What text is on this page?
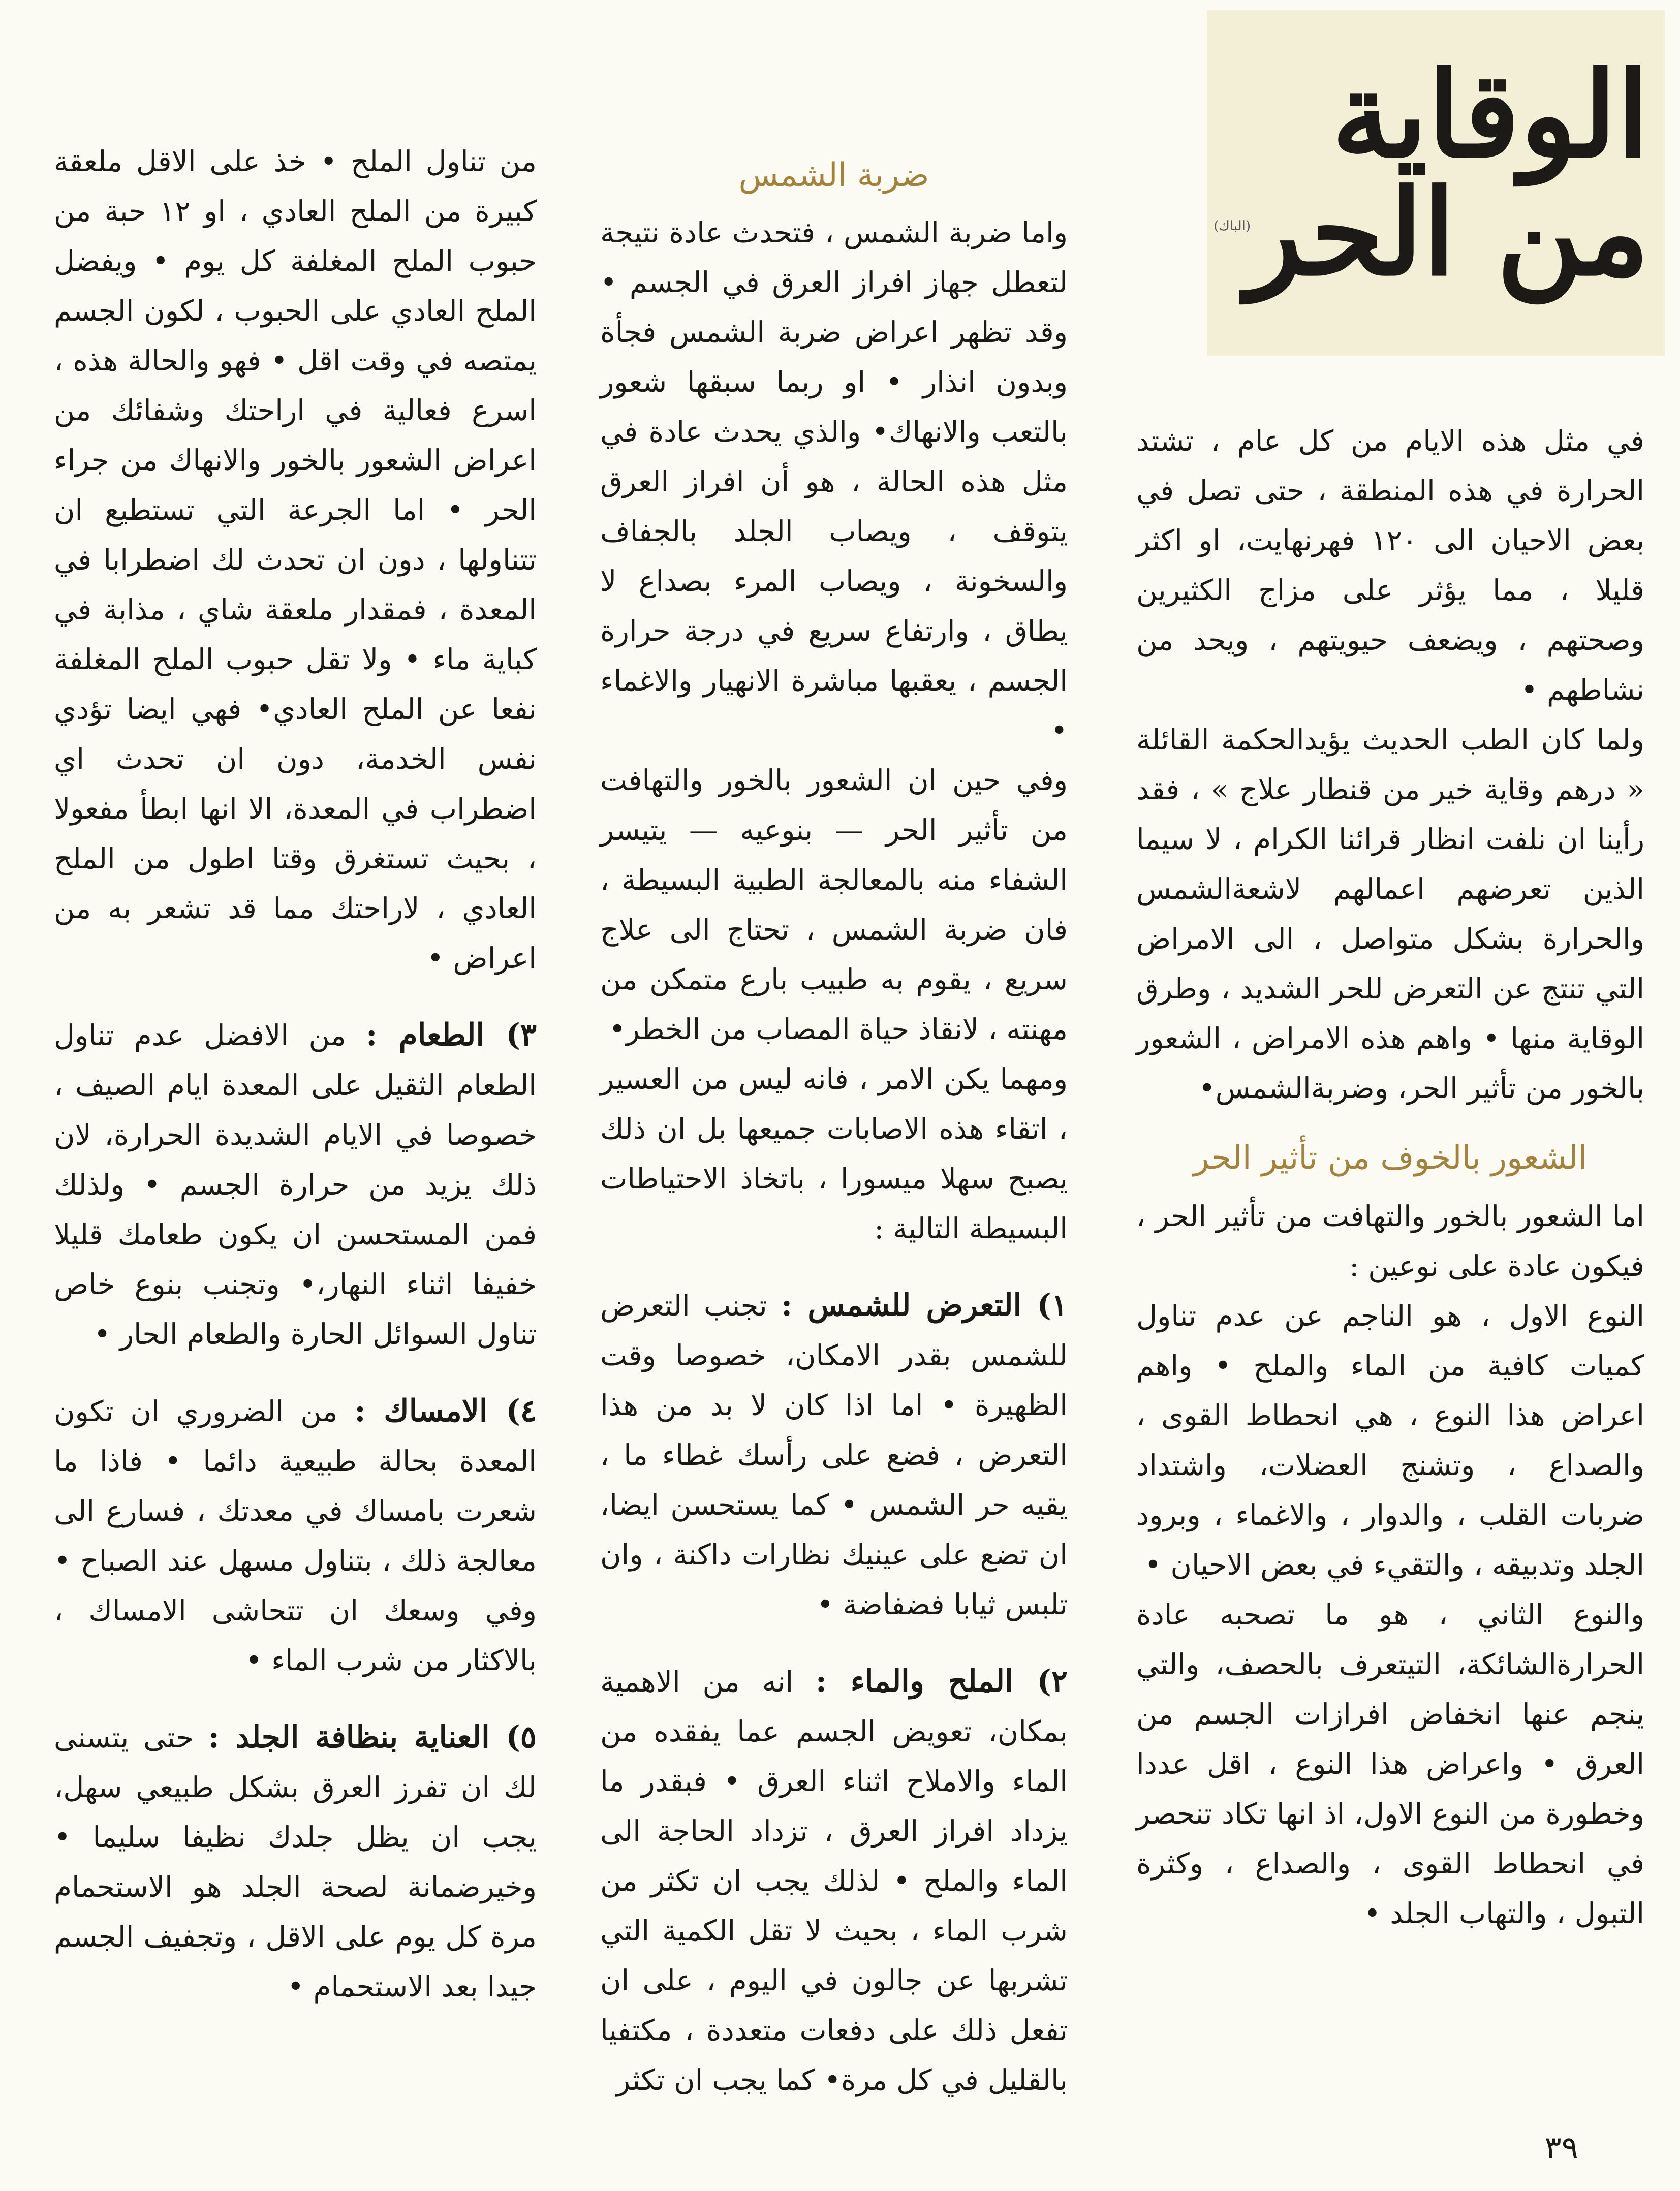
الوقاية من الحر
(الباك)

في مثل هذه الايام من كل عام ، تشتد الحرارة في هذه المنطقة ، حتى تصل في بعض الاحيان الى ١٢٠ فهرنهايت، او اكثر قليلا ، مما يؤثر على مزاج الكثيرين وصحتهم ، ويضعف حيويتهم ، ويحد من نشاطهم •

ولما كان الطب الحديث يؤيدالحكمة القائلة « درهم وقاية خير من قنطار علاج » ، فقد رأينا ان نلفت انظار قرائنا الكرام ، لا سيما الذين تعرضهم اعمالهم لاشعةالشمس والحرارة بشكل متواصل ، الى الامراض التي تنتج عن التعرض للحر الشديد ، وطرق الوقاية منها • واهم هذه الامراض ، الشعور بالخور من تأثير الحر، وضربةالشمس•

الشعور بالخوف من تأثير الحر

اما الشعور بالخور والتهافت من تأثير الحر ، فيكون عادة على نوعين :

النوع الاول ، هو الناجم عن عدم تناول كميات كافية من الماء والملح • واهم اعراض هذا النوع ، هي انحطاط القوى ، والصداع ، وتشنج العضلات، واشتداد ضربات القلب ، والدوار ، والاغماء ، وبرود الجلد وتدبيقه ، والتقيء في بعض الاحيان •

والنوع الثاني ، هو ما تصحبه عادة الحرارةالشائكة، التيتعرف بالحصف، والتي ينجم عنها انخفاض افرازات الجسم من العرق • واعراض هذا النوع ، اقل عددا وخطورة من النوع الاول، اذ انها تكاد تنحصر في انحطاط القوى ، والصداع ، وكثرة التبول ، والتهاب الجلد •

ضربة الشمس

واما ضربة الشمس ، فتحدث عادة نتيجة لتعطل جهاز افراز العرق في الجسم • وقد تظهر اعراض ضربة الشمس فجأة وبدون انذار • او ربما سبقها شعور بالتعب والانهاك• والذي يحدث عادة في مثل هذه الحالة ، هو أن افراز العرق يتوقف ، ويصاب الجلد بالجفاف والسخونة ، ويصاب المرء بصداع لا يطاق ، وارتفاع سريع في درجة حرارة الجسم ، يعقبها مباشرة الانهيار والاغماء •

وفي حين ان الشعور بالخور والتهافت من تأثير الحر — بنوعيه — يتيسر الشفاء منه بالمعالجة الطبية البسيطة ، فان ضربة الشمس ، تحتاج الى علاج سريع ، يقوم به طبيب بارع متمكن من مهنته ، لانقاذ حياة المصاب من الخطر•

ومهما يكن الامر ، فانه ليس من العسير ، اتقاء هذه الاصابات جميعها بل ان ذلك يصبح سهلا ميسورا ، باتخاذ الاحتياطات البسيطة التالية :

١) التعرض للشمس : تجنب التعرض للشمس بقدر الامكان، خصوصا وقت الظهيرة • اما اذا كان لا بد من هذا التعرض ، فضع على رأسك غطاء ما ، يقيه حر الشمس • كما يستحسن ايضا، ان تضع على عينيك نظارات داكنة ، وان تلبس ثيابا فضفاضة •

٢) الملح والماء : انه من الاهمية بمكان، تعويض الجسم عما يفقده من الماء والاملاح اثناء العرق • فبقدر ما يزداد افراز العرق ، تزداد الحاجة الى الماء والملح • لذلك يجب ان تكثر من شرب الماء ، بحيث لا تقل الكمية التي تشربها عن جالون في اليوم ، على ان تفعل ذلك على دفعات متعددة ، مكتفيا بالقليل في كل مرة• كما يجب ان تكثر

من تناول الملح • خذ على الاقل ملعقة كبيرة من الملح العادي ، او ١٢ حبة من حبوب الملح المغلفة كل يوم • ويفضل الملح العادي على الحبوب ، لكون الجسم يمتصه في وقت اقل • فهو والحالة هذه ، اسرع فعالية في اراحتك وشفائك من اعراض الشعور بالخور والانهاك من جراء الحر • اما الجرعة التي تستطيع ان تتناولها ، دون ان تحدث لك اضطرابا في المعدة ، فمقدار ملعقة شاي ، مذابة في كباية ماء • ولا تقل حبوب الملح المغلفة نفعا عن الملح العادي• فهي ايضا تؤدي نفس الخدمة، دون ان تحدث اي اضطراب في المعدة، الا انها ابطأ مفعولا ، بحيث تستغرق وقتا اطول من الملح العادي ، لاراحتك مما قد تشعر به من اعراض •

٣) الطعام : من الافضل عدم تناول الطعام الثقيل على المعدة ايام الصيف ، خصوصا في الايام الشديدة الحرارة، لان ذلك يزيد من حرارة الجسم • ولذلك فمن المستحسن ان يكون طعامك قليلا خفيفا اثناء النهار،• وتجنب بنوع خاص تناول السوائل الحارة والطعام الحار •

٤) الامساك : من الضروري ان تكون المعدة بحالة طبيعية دائما • فاذا ما شعرت بامساك في معدتك ، فسارع الى معالجة ذلك ، بتناول مسهل عند الصباح • وفي وسعك ان تتحاشى الامساك ، بالاكثار من شرب الماء •

٥) العناية بنظافة الجلد : حتى يتسنى لك ان تفرز العرق بشكل طبيعي سهل، يجب ان يظل جلدك نظيفا سليما • وخيرضمانة لصحة الجلد هو الاستحمام مرة كل يوم على الاقل ، وتجفيف الجسم جيدا بعد الاستحمام •

٣٩
